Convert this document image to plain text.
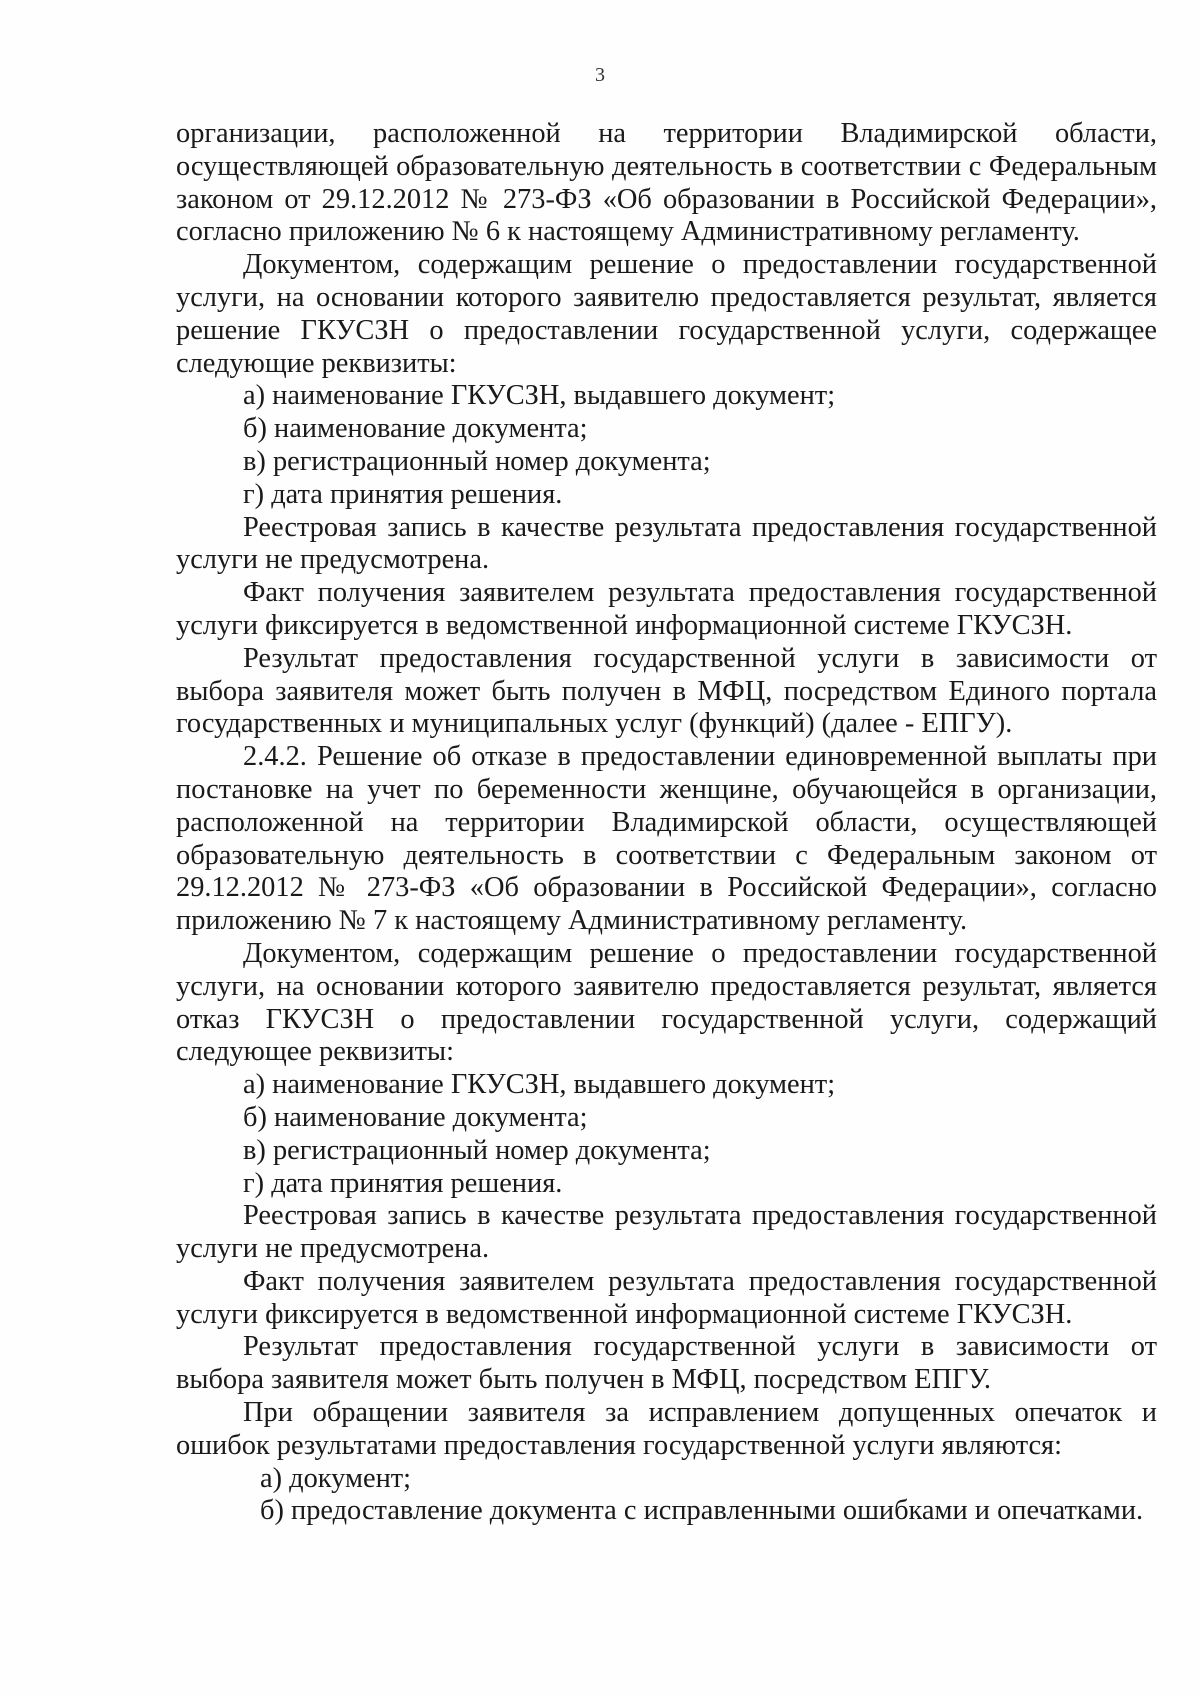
3

организации, расположенной на территории Владимирской области, осуществляющей образовательную деятельность в соответствии с Федеральным законом от 29.12.2012 № 273-ФЗ «Об образовании в Российской Федерации», согласно приложению № 6 к настоящему Административному регламенту.

Документом, содержащим решение о предоставлении государственной услуги, на основании которого заявителю предоставляется результат, является решение ГКУСЗН о предоставлении государственной услуги, содержащее следующие реквизиты:

а) наименование ГКУСЗН, выдавшего документ;

б) наименование документа;

в) регистрационный номер документа;

г) дата принятия решения.

Реестровая запись в качестве результата предоставления государственной услуги не предусмотрена.

Факт получения заявителем результата предоставления государственной услуги фиксируется в ведомственной информационной системе ГКУСЗН.

Результат предоставления государственной услуги в зависимости от выбора заявителя может быть получен в МФЦ, посредством Единого портала государственных и муниципальных услуг (функций) (далее - ЕПГУ).

2.4.2. Решение об отказе в предоставлении единовременной выплаты при постановке на учет по беременности женщине, обучающейся в организации, расположенной на территории Владимирской области, осуществляющей образовательную деятельность в соответствии с Федеральным законом от 29.12.2012 № 273-ФЗ «Об образовании в Российской Федерации», согласно приложению № 7 к настоящему Административному регламенту.

Документом, содержащим решение о предоставлении государственной услуги, на основании которого заявителю предоставляется результат, является отказ ГКУСЗН о предоставлении государственной услуги, содержащий следующее реквизиты:

а) наименование ГКУСЗН, выдавшего документ;

б) наименование документа;

в) регистрационный номер документа;

г) дата принятия решения.

Реестровая запись в качестве результата предоставления государственной услуги не предусмотрена.

Факт получения заявителем результата предоставления государственной услуги фиксируется в ведомственной информационной системе ГКУСЗН.

Результат предоставления государственной услуги в зависимости от выбора заявителя может быть получен в МФЦ, посредством ЕПГУ.

При обращении заявителя за исправлением допущенных опечаток и ошибок результатами предоставления государственной услуги являются:

а) документ;

б) предоставление документа с исправленными ошибками и опечатками.
